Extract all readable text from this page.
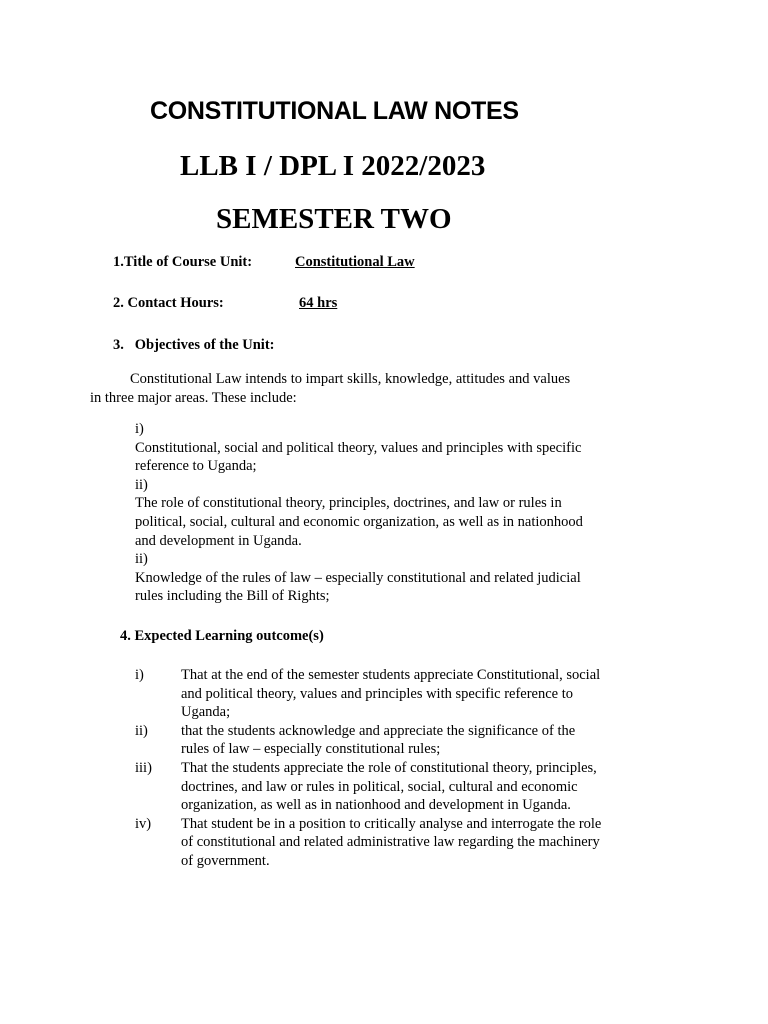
CONSTITUTIONAL LAW NOTES
LLB I / DPL I 2022/2023
SEMESTER TWO
1.Title of Course Unit:	Constitutional Law
2. Contact Hours:	64 hrs
3.   Objectives of the Unit:
Constitutional Law intends to impart skills, knowledge, attitudes and values
in three major areas. These include:
i)
Constitutional, social and political theory, values and principles with specific reference to Uganda;
ii)
The role of constitutional theory, principles, doctrines, and law or rules in political, social, cultural and economic organization, as well as in nationhood and development in Uganda.
ii)
Knowledge of the rules of law – especially constitutional and related judicial rules including the Bill of Rights;
4. Expected Learning outcome(s)
i)	That at the end of the semester students appreciate Constitutional, social and political theory, values and principles with specific reference to Uganda;
ii)	that the students acknowledge and appreciate the significance of the rules of law – especially constitutional rules;
iii)	That the students appreciate the role of constitutional theory, principles, doctrines, and law or rules in political, social, cultural and economic organization, as well as in nationhood and development in Uganda.
iv)	That student be in a position to critically analyse and interrogate the role of constitutional and related administrative law regarding the machinery of government.
